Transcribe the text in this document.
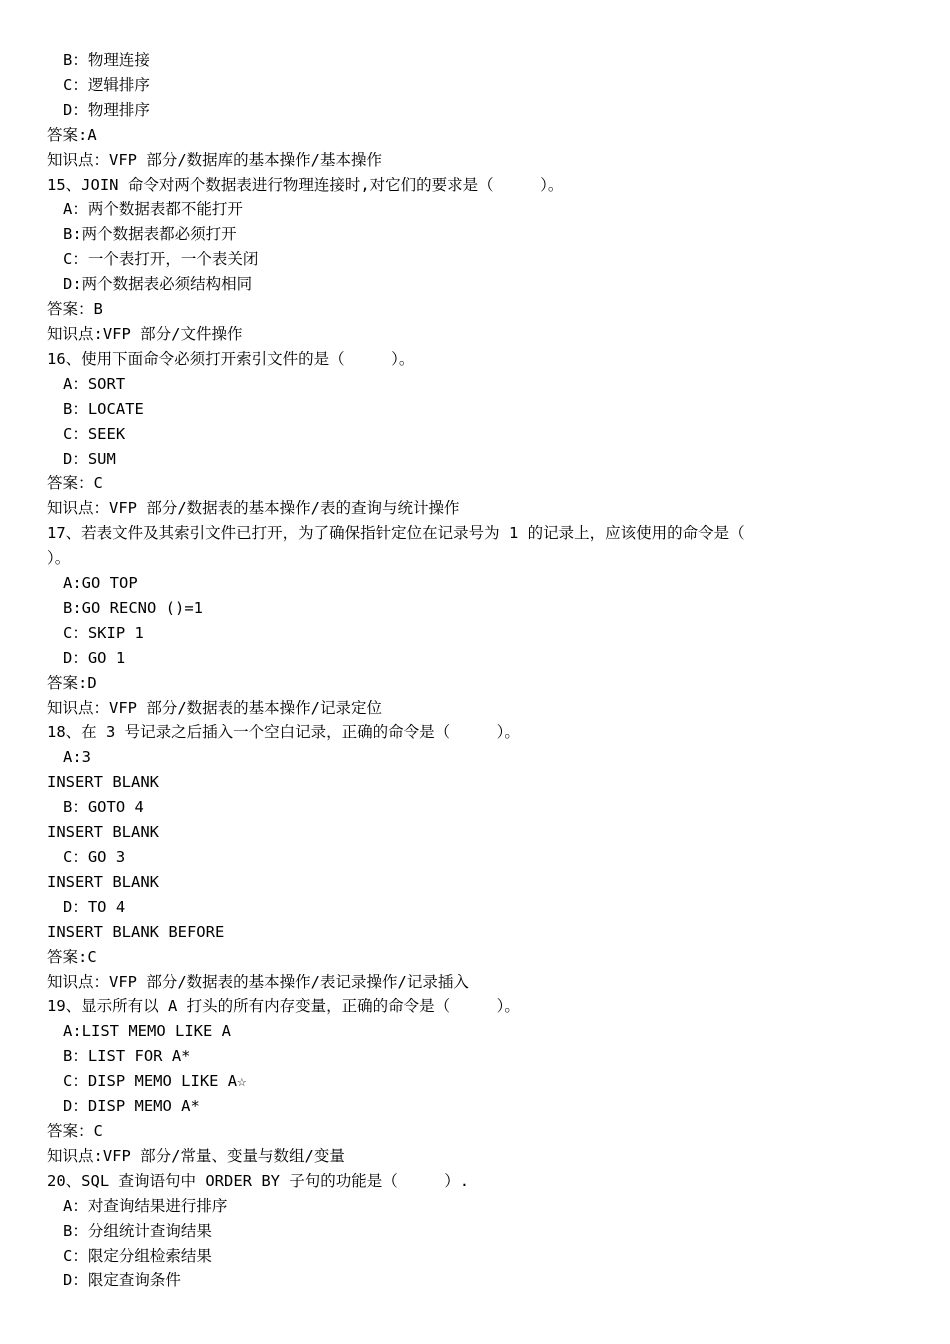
B：物理连接
C：逻辑排序
D：物理排序
答案:A
知识点：VFP 部分/数据库的基本操作/基本操作
15、JOIN 命令对两个数据表进行物理连接时,对它们的要求是（　　　）。
A：两个数据表都不能打开
B:两个数据表都必须打开
C：一个表打开，一个表关闭
D:两个数据表必须结构相同
答案：B
知识点:VFP 部分/文件操作
16、使用下面命令必须打开索引文件的是（　　　）。
A：SORT
B：LOCATE
C：SEEK
D：SUM
答案：C
知识点：VFP 部分/数据表的基本操作/表的查询与统计操作
17、若表文件及其索引文件已打开，为了确保指针定位在记录号为 1 的记录上，应该使用的命令是（
）。
A:GO TOP
B:GO RECNO ()=1
C：SKIP 1
D：GO 1
答案:D
知识点：VFP 部分/数据表的基本操作/记录定位
18、在 3 号记录之后插入一个空白记录，正确的命令是（　　　）。
A:3
INSERT BLANK
B：GOTO 4
INSERT BLANK
C：GO 3
INSERT BLANK
D：TO 4
INSERT BLANK BEFORE
答案:C
知识点：VFP 部分/数据表的基本操作/表记录操作/记录插入
19、显示所有以 A 打头的所有内存变量，正确的命令是（　　　）。
A:LIST MEMO LIKE A
B：LIST FOR A*
C：DISP MEMO LIKE A☆
D：DISP MEMO A*
答案：C
知识点:VFP 部分/常量、变量与数组/变量
20、SQL 查询语句中 ORDER BY 子句的功能是（　　　）.
A：对查询结果进行排序
B：分组统计查询结果
C：限定分组检索结果
D：限定查询条件
